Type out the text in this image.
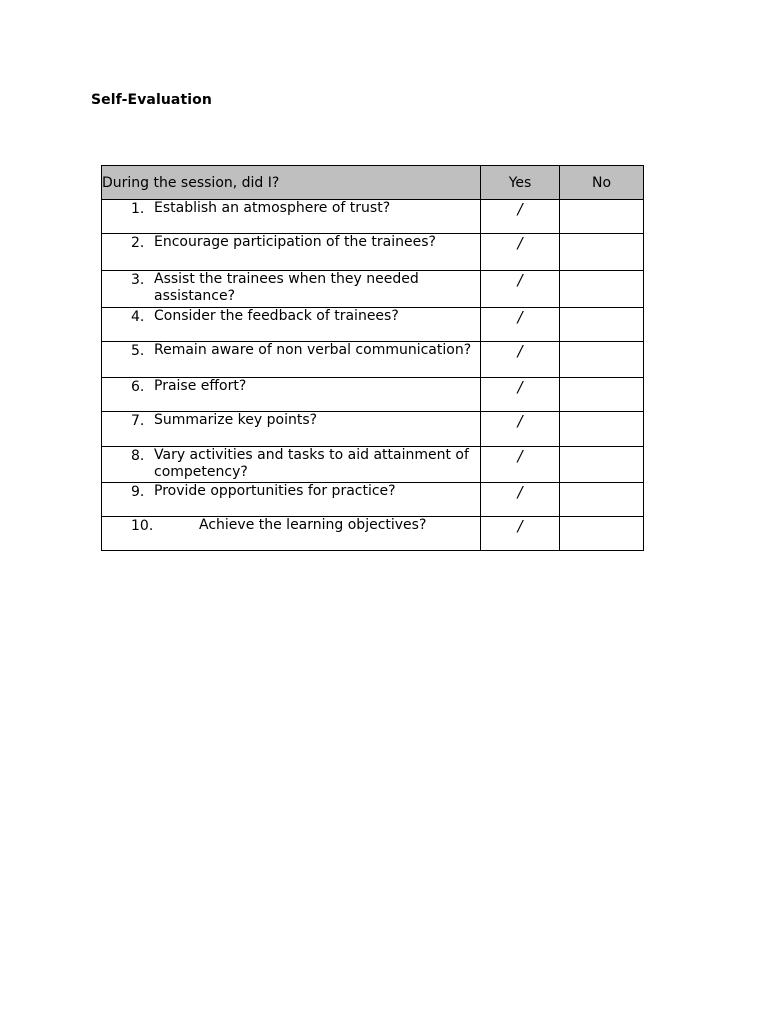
Self-Evaluation
During the session, did I?	Yes	No

1. Establish an atmosphere of trust?	/	

2. Encourage participation of the trainees?	/	

3. Assist the trainees when they needed assistance?	/	

4. Consider the feedback of trainees?	/	

5. Remain aware of non verbal communication?	/	

6. Praise effort?	/	

7. Summarize key points?	/	

8. Vary activities and tasks to aid attainment of competency?	/	

9. Provide opportunities for practice?	/	

10. Achieve the learning objectives?	/	
